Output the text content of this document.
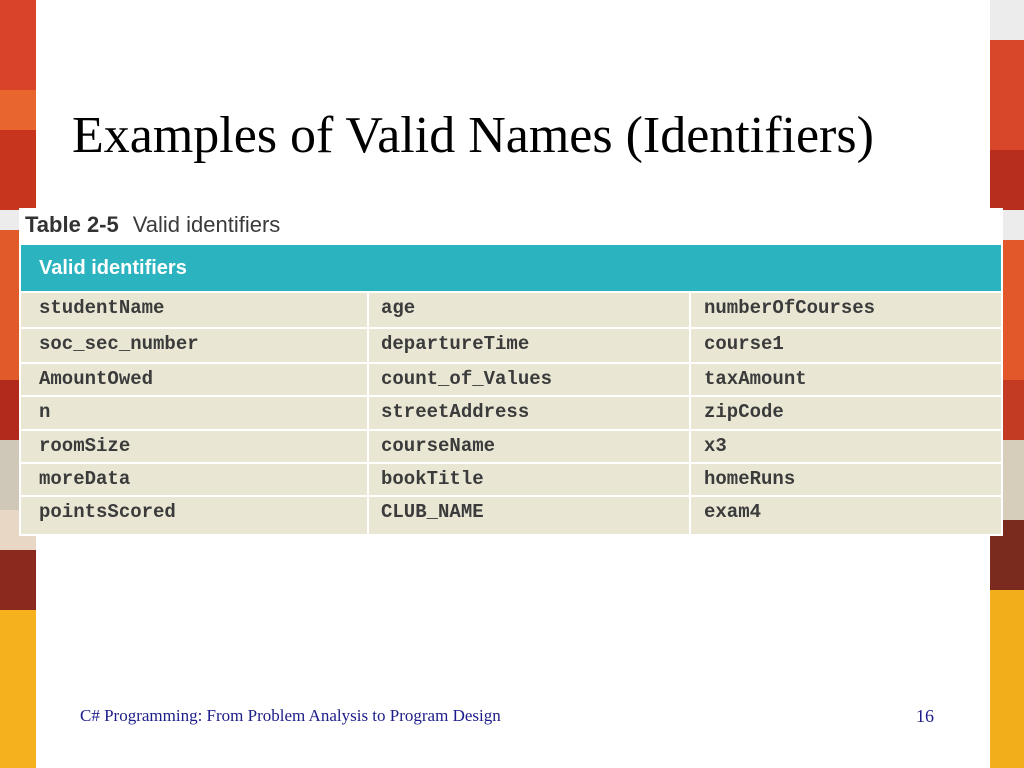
Examples of Valid Names (Identifiers)
Table 2-5 Valid identifiers
Valid identifiers
studentName	age	numberOfCourses
soc_sec_number	departureTime	course1
AmountOwed	count_of_Values	taxAmount
n	streetAddress	zipCode
roomSize	courseName	x3
moreData	bookTitle	homeRuns
pointsScored	CLUB_NAME	exam4
C# Programming: From Problem Analysis to Program Design	16
